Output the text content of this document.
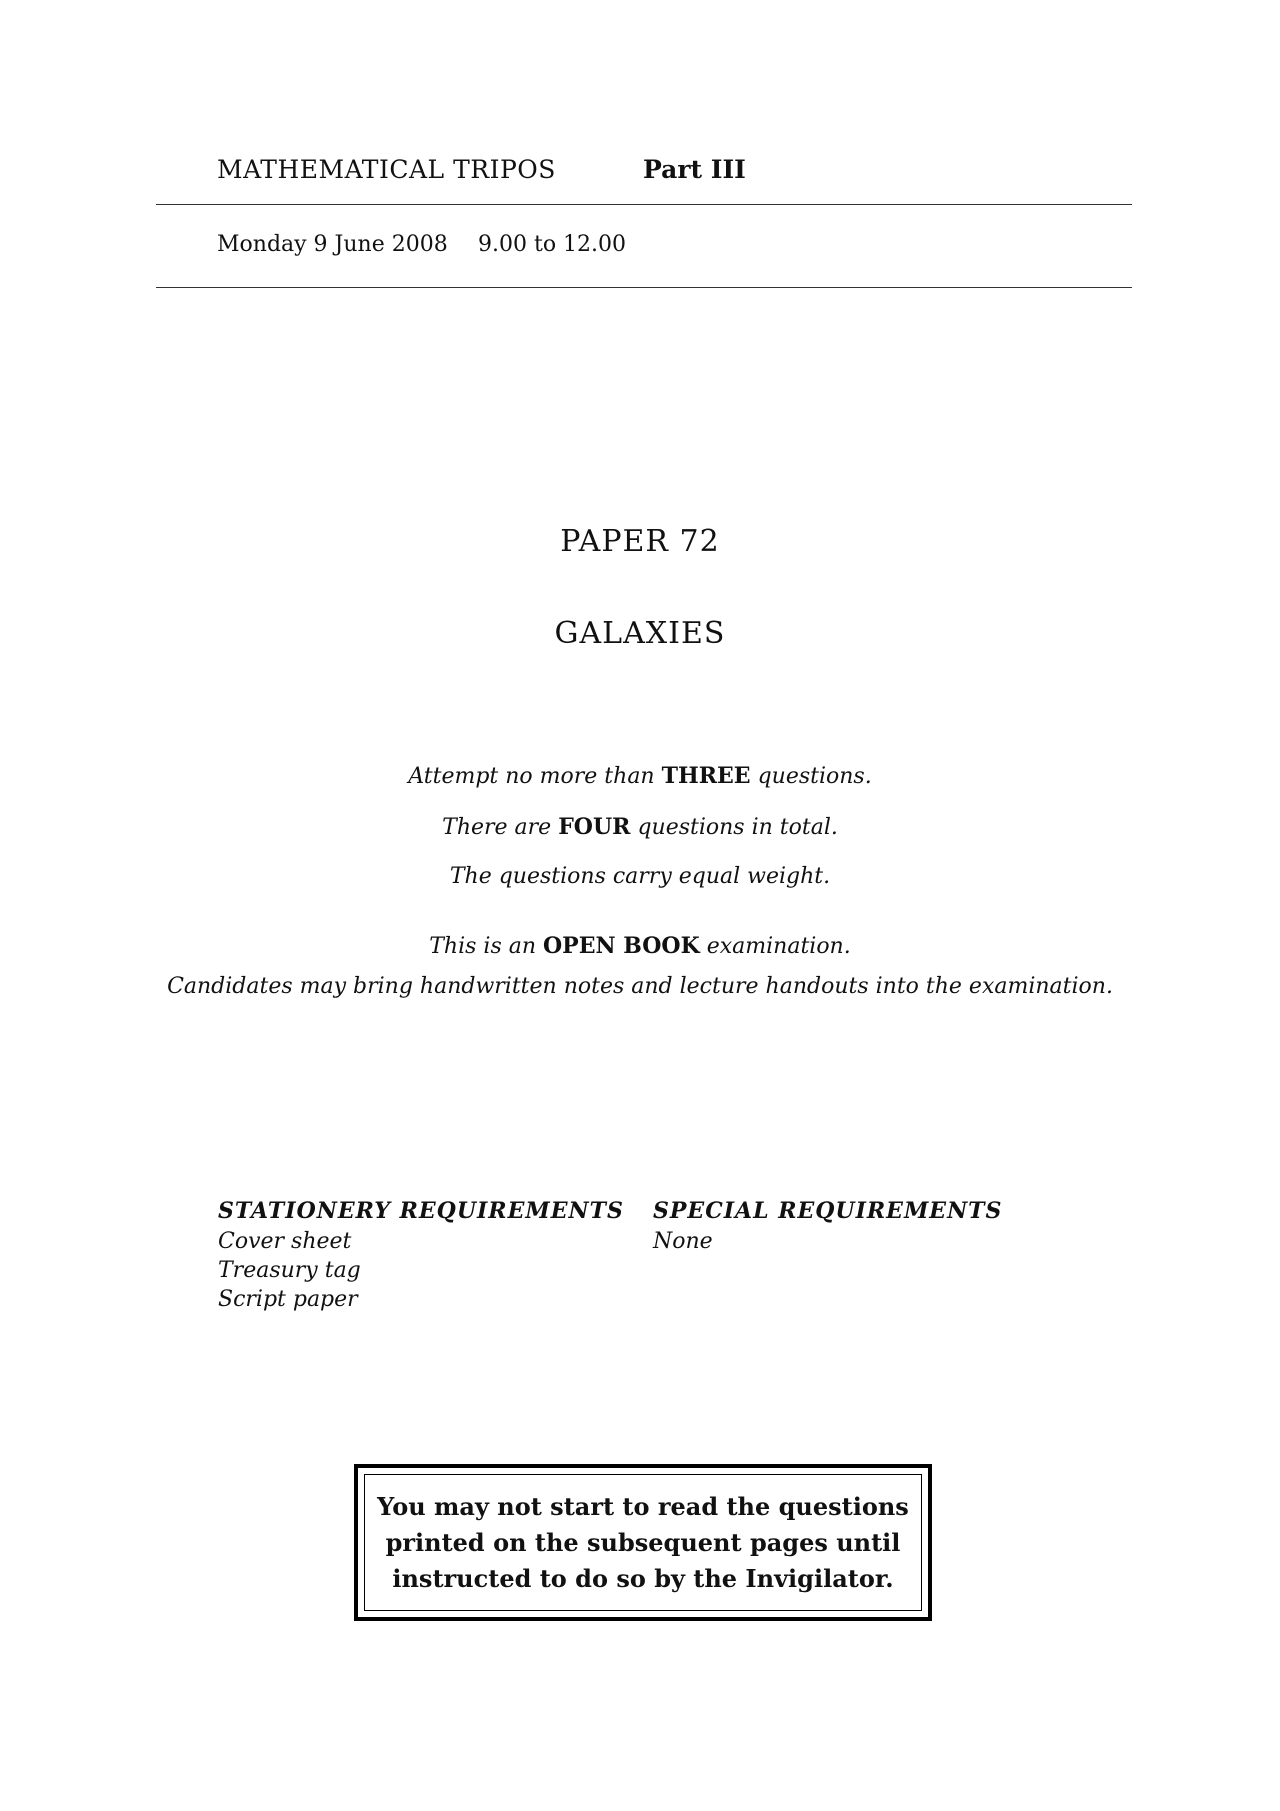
MATHEMATICAL TRIPOS	Part III
Monday 9 June 2008 9.00 to 12.00
PAPER 72
GALAXIES
Attempt no more than THREE questions.
There are FOUR questions in total.
The questions carry equal weight.
This is an OPEN BOOK examination.
Candidates may bring handwritten notes and lecture handouts into the examination.
STATIONERY REQUIREMENTS
Cover sheet
Treasury tag
Script paper
SPECIAL REQUIREMENTS
None
You may not start to read the questions
printed on the subsequent pages until
instructed to do so by the Invigilator.
